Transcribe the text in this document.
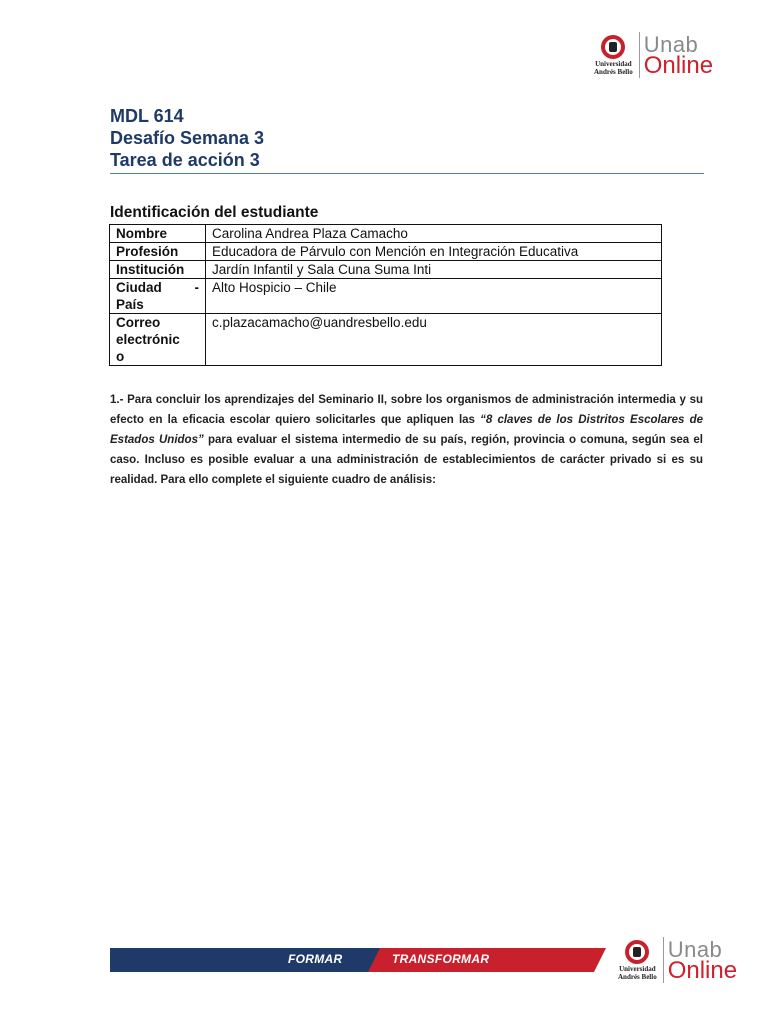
Universidad
Andrés Bello
Unab
Online
MDL 614
Desafío Semana 3
Tarea de acción 3
Identificación del estudiante
Nombre	Carolina Andrea Plaza Camacho
Profesión	Educadora de Párvulo con Mención en Integración Educativa
Institución	Jardín Infantil y Sala Cuna Suma Inti

Ciudad -
País	Alto Hospicio – Chile

Correo
electrónic
o	c.plazacamacho@uandresbello.edu
1.- Para concluir los aprendizajes del Seminario II, sobre los organismos de administración intermedia y su efecto en la eficacia escolar quiero solicitarles que apliquen las “8 claves de los Distritos Escolares de Estados Unidos” para evaluar el sistema intermedio de su país, región, provincia o comuna, según sea el caso. Incluso es posible evaluar a una administración de establecimientos de carácter privado si es su realidad. Para ello complete el siguiente cuadro de análisis:
FORMAR	TRANSFORMAR
Universidad
Andrés Bello
Unab
Online
